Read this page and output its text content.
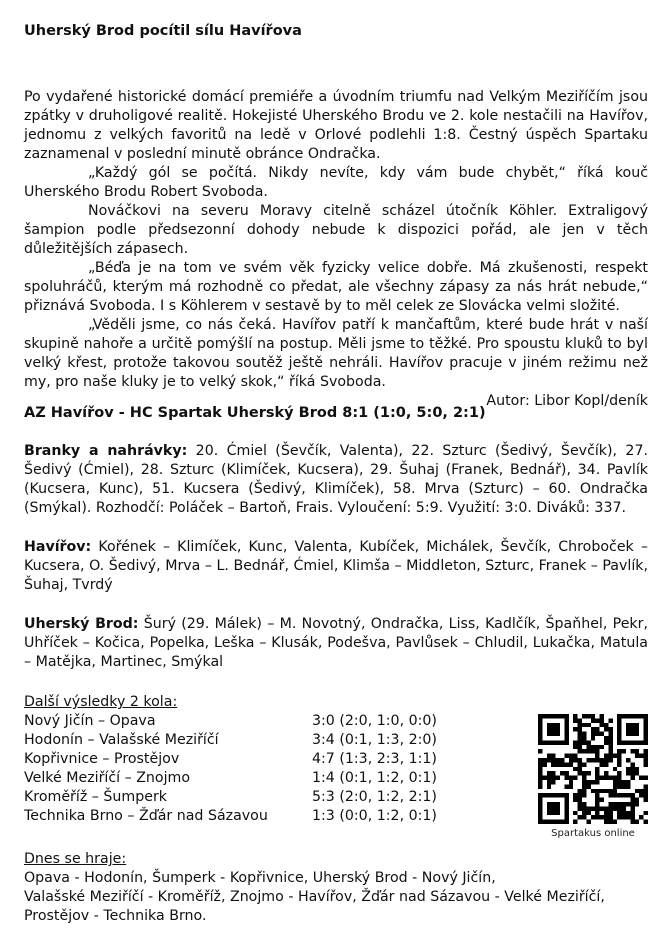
Uherský Brod pocítil sílu Havířova

Po vydařené historické domácí premiéře a úvodním triumfu nad Velkým Meziříčím jsou zpátky v druholigové realitě. Hokejisté Uherského Brodu ve 2. kole nestačili na Havířov, jednomu z velkých favoritů na ledě v Orlové podlehli 1:8. Čestný úspěch Spartaku zaznamenal v poslední minutě obránce Ondračka.

„Každý gól se počítá. Nikdy nevíte, kdy vám bude chybět,“ říká kouč Uherského Brodu Robert Svoboda.

Nováčkovi na severu Moravy citelně scházel útočník Köhler. Extraligový šampion podle předsezonní dohody nebude k dispozici pořád, ale jen v těch důležitějších zápasech.

„Béďa je na tom ve svém věk fyzicky velice dobře. Má zkušenosti, respekt spoluhráčů, kterým má rozhodně co předat, ale všechny zápasy za nás hrát nebude,“ přiznává Svoboda. I s Köhlerem v sestavě by to měl celek ze Slovácka velmi složité.

„Věděli jsme, co nás čeká. Havířov patří k mančaftům, které bude hrát v naší skupině nahoře a určitě pomýšlí na postup. Měli jsme to těžké. Pro spoustu kluků to byl velký křest, protože takovou soutěž ještě nehráli. Havířov pracuje v jiném režimu než my, pro naše kluky je to velký skok,“ říká Svoboda.

Autor: Libor Kopl/deník

AZ Havířov - HC Spartak Uherský Brod 8:1 (1:0, 5:0, 2:1)

Branky a nahrávky: 20. Ćmiel (Ševčík, Valenta), 22. Szturc (Šedivý, Ševčík), 27. Šedivý (Ćmiel), 28. Szturc (Klimíček, Kucsera), 29. Šuhaj (Franek, Bednář), 34. Pavlík (Kucsera, Kunc), 51. Kucsera (Šedivý, Klimíček), 58. Mrva (Szturc) – 60. Ondračka (Smýkal). Rozhodčí: Poláček – Bartoň, Frais. Vyloučení: 5:9. Využití: 3:0. Diváků: 337.

Havířov: Kořének – Klimíček, Kunc, Valenta, Kubíček, Michálek, Ševčík, Chroboček – Kucsera, O. Šedivý, Mrva – L. Bednář, Ćmiel, Klimša – Middleton, Szturc, Franek – Pavlík, Šuhaj, Tvrdý

Uherský Brod: Šurý (29. Málek) – M. Novotný, Ondračka, Liss, Kadlčík, Špaňhel, Pekr, Uhříček – Kočica, Popelka, Leška – Klusák, Podešva, Pavlůsek – Chludil, Lukačka, Matula – Matějka, Martinec, Smýkal

Další výsledky 2 kola:
Nový Jičín – Opava	3:0 (2:0, 1:0, 0:0)
Hodonín – Valašské Meziříčí	3:4 (0:1, 1:3, 2:0)
Kopřivnice – Prostějov	4:7 (1:3, 2:3, 1:1)
Velké Meziříčí – Znojmo	1:4 (0:1, 1:2, 0:1)
Kroměříž – Šumperk	5:3 (2:0, 1:2, 2:1)
Technika Brno – Žďár nad Sázavou	1:3 (0:0, 1:2, 0:1)
Spartakus online
Dnes se hraje:
Opava - Hodonín, Šumperk - Kopřivnice, Uherský Brod - Nový Jičín,
Valašské Meziříčí - Kroměříž, Znojmo - Havířov, Žďár nad Sázavou - Velké Meziříčí,
Prostějov - Technika Brno.
